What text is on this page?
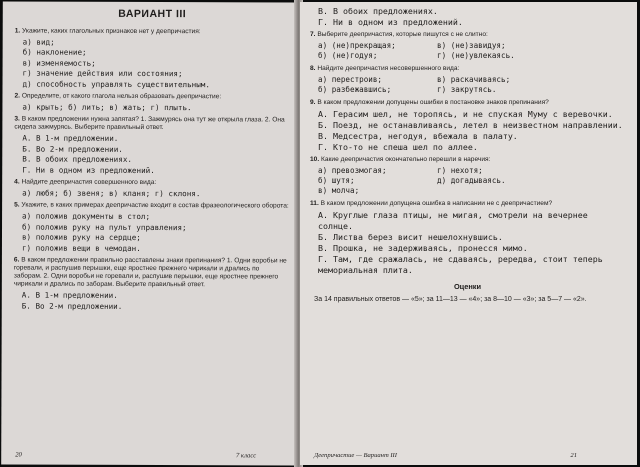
ВАРИАНТ III
1. Укажите, каких глагольных признаков нет у деепричастия:
а) вид;
б) наклонение;
в) изменяемость;
г) значение действия или состояния;
д) способность управлять существительным.
2. Определите, от какого глагола нельзя образовать деепричастие:
а) крыть; б) лить; в) жать; г) плыть.
3. В каком предложении нужна запятая? 1. Зажмурясь она тут же открыла глаза. 2. Она сидела зажмурясь. Выберите правильный ответ.
А. В 1-м предложении.
Б. Во 2-м предложении.
В. В обоих предложениях.
Г. Ни в одном из предложений.
4. Найдите деепричастия совершенного вида:
а) любя; б) звеня; в) кланя; г) склоня.
5. Укажите, в каких примерах деепричастие входит в состав фразеологического оборота:
а) положив документы в стол;
б) положив руку на пульт управления;
в) положив руку на сердце;
г) положив вещи в чемодан.
6. В каком предложении правильно расставлены знаки препинания? 1. Одни воробьи не горевали, и распушив перышки, еще яростнее прежнего чирикали и дрались по заборам. 2. Одни воробьи не горевали и, распушив перышки, еще яростнее прежнего чирикали и дрались по заборам. Выберите правильный ответ.
А. В 1-м предложении.
Б. Во 2-м предложении.
20	7 класс
В. В обоих предложениях.
Г. Ни в одном из предложений.
7. Выберите деепричастия, которые пишутся с не слитно:
а) (не)прекращая;	в) (не)завидуя;
б) (не)годуя;	г) (не)увлекаясь.
8. Найдите деепричастия несовершенного вида:
а) перестроив;	в) раскачиваясь;
б) разбежавшись;	г) закрутясь.
9. В каком предложении допущены ошибки в постановке знаков препинания?
А. Герасим шел, не торопясь, и не спуская Муму с веревочки.
Б. Поезд, не останавливаясь, летел в неизвестном направлении.
В. Медсестра, негодуя, вбежала в палату.
Г. Кто-то не спеша шел по аллее.
10. Какие деепричастия окончательно перешли в наречия:
а) превозмогая;	г) нехотя;
б) шутя;	д) догадываясь.
в) молча;
11. В каком предложении допущена ошибка в написании не с деепричастием?
А. Круглые глаза птицы, не мигая, смотрели на вечернее солнце.
Б. Листва берез висит нешелохнувшись.
В. Прошка, не задерживаясь, пронесся мимо.
Г. Там, где сражалась, не сдаваясь, рередва, стоит теперь мемориальная плита.
Оценки
За 14 правильных ответов — «5»; за 11—13 — «4»; за 8—10 — «3»; за 5—7 — «2».
Деепричастие — Вариант III	21
